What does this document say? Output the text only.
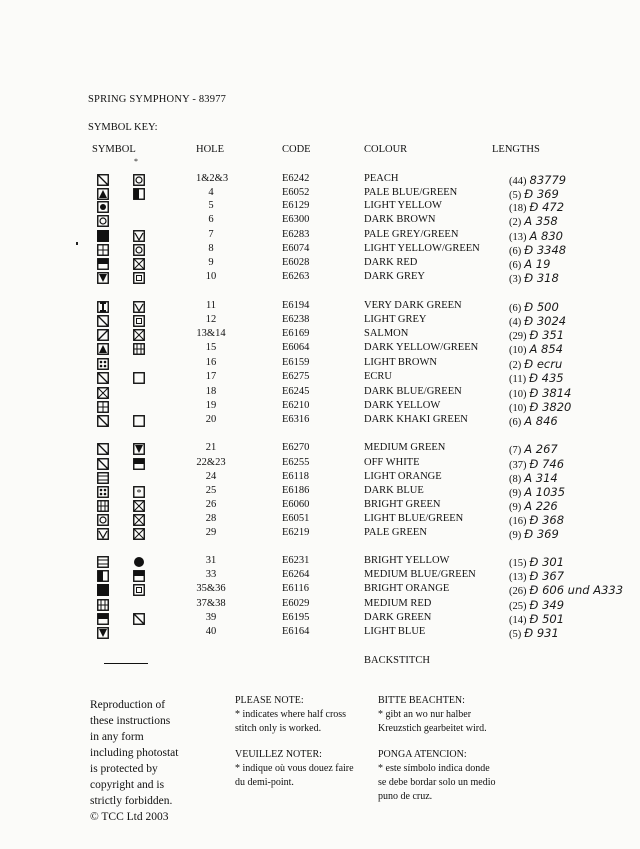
SPRING SYMPHONY - 83977
SYMBOL KEY:
SYMBOL	HOLE	CODE	COLOUR	LENGTHS
*
1&2&3	E6242	PEACH	(44) 83779
4	E6052	PALE BLUE/GREEN	(5) Ð 369
5	E6129	LIGHT YELLOW	(18) Ð 472
6	E6300	DARK BROWN	(2) A 358
7	E6283	PALE GREY/GREEN	(13) A 830
8	E6074	LIGHT YELLOW/GREEN	(6) Ð 3348
9	E6028	DARK RED	(6) A 19
10	E6263	DARK GREY	(3) Ð 318
11	E6194	VERY DARK GREEN	(6) Ð 500
12	E6238	LIGHT GREY	(4) Ð 3024
13&14	E6169	SALMON	(29) Ð 351
15	E6064	DARK YELLOW/GREEN	(10) A 854
16	E6159	LIGHT BROWN	(2) Ð ecru
17	E6275	ECRU	(11) Ð 435
18	E6245	DARK BLUE/GREEN	(10) Ð 3814
19	E6210	DARK YELLOW	(10) Ð 3820
20	E6316	DARK KHAKI GREEN	(6) A 846
21	E6270	MEDIUM GREEN	(7) A 267
22&23	E6255	OFF WHITE	(37) Ð 746
24	E6118	LIGHT ORANGE	(8) A 314
25	E6186	DARK BLUE	(9) A 1035
26	E6060	BRIGHT GREEN	(9) A 226
28	E6051	LIGHT BLUE/GREEN	(16) Ð 368
29	E6219	PALE GREEN	(9) Ð 369
31	E6231	BRIGHT YELLOW	(15) Ð 301
33	E6264	MEDIUM BLUE/GREEN	(13) Ð 367
35&36	E6116	BRIGHT ORANGE	(26) Ð 606 und A333
37&38	E6029	MEDIUM RED	(25) Ð 349
39	E6195	DARK GREEN	(14) Ð 501
40	E6164	LIGHT BLUE	(5) Ð 931
*
BACKSTITCH
Reproduction of
these instructions
in any form
including photostat
is protected by
copyright and is
strictly forbidden.
© TCC Ltd 2003
PLEASE NOTE:
* indicates where half cross
stitch only is worked.
BITTE BEACHTEN:
* gibt an wo nur halber
Kreuzstich gearbeitet wird.
VEUILLEZ NOTER:
* indique où vous douez faire
du demi-point.
PONGA ATENCION:
* este símbolo indica donde
se debe bordar solo un medio
puno de cruz.
